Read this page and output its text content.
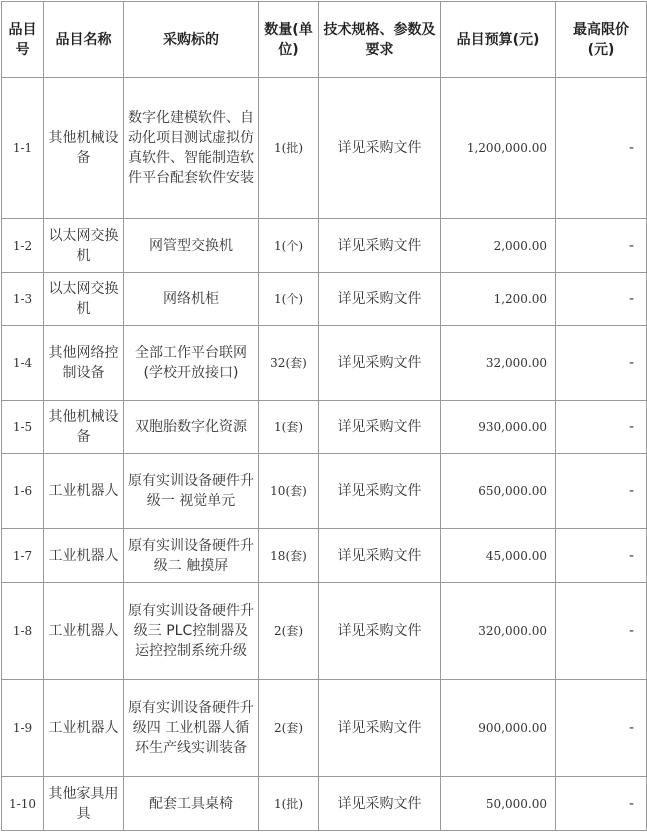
品目号	品目名称	采购标的	数量(单位)	技术规格、参数及要求	品目预算(元)	最高限价(元)
1-1	其他机械设备	数字化建模软件、自动化项目测试虚拟仿真软件、智能制造软件平台配套软件安装	1(批)	详见采购文件	1,200,000.00	-
1-2	以太网交换机	网管型交换机	1(个)	详见采购文件	2,000.00	-
1-3	以太网交换机	网络机柜	1(个)	详见采购文件	1,200.00	-
1-4	其他网络控制设备	全部工作平台联网(学校开放接口)	32(套)	详见采购文件	32,000.00	-
1-5	其他机械设备	双胞胎数字化资源	1(套)	详见采购文件	930,000.00	-
1-6	工业机器人	原有实训设备硬件升级一 视觉单元	10(套)	详见采购文件	650,000.00	-
1-7	工业机器人	原有实训设备硬件升级二 触摸屏	18(套)	详见采购文件	45,000.00	-
1-8	工业机器人	原有实训设备硬件升级三 PLC控制器及运控控制系统升级	2(套)	详见采购文件	320,000.00	-
1-9	工业机器人	原有实训设备硬件升级四 工业机器人循环生产线实训装备	2(套)	详见采购文件	900,000.00	-
1-10	其他家具用具	配套工具桌椅	1(批)	详见采购文件	50,000.00	-
